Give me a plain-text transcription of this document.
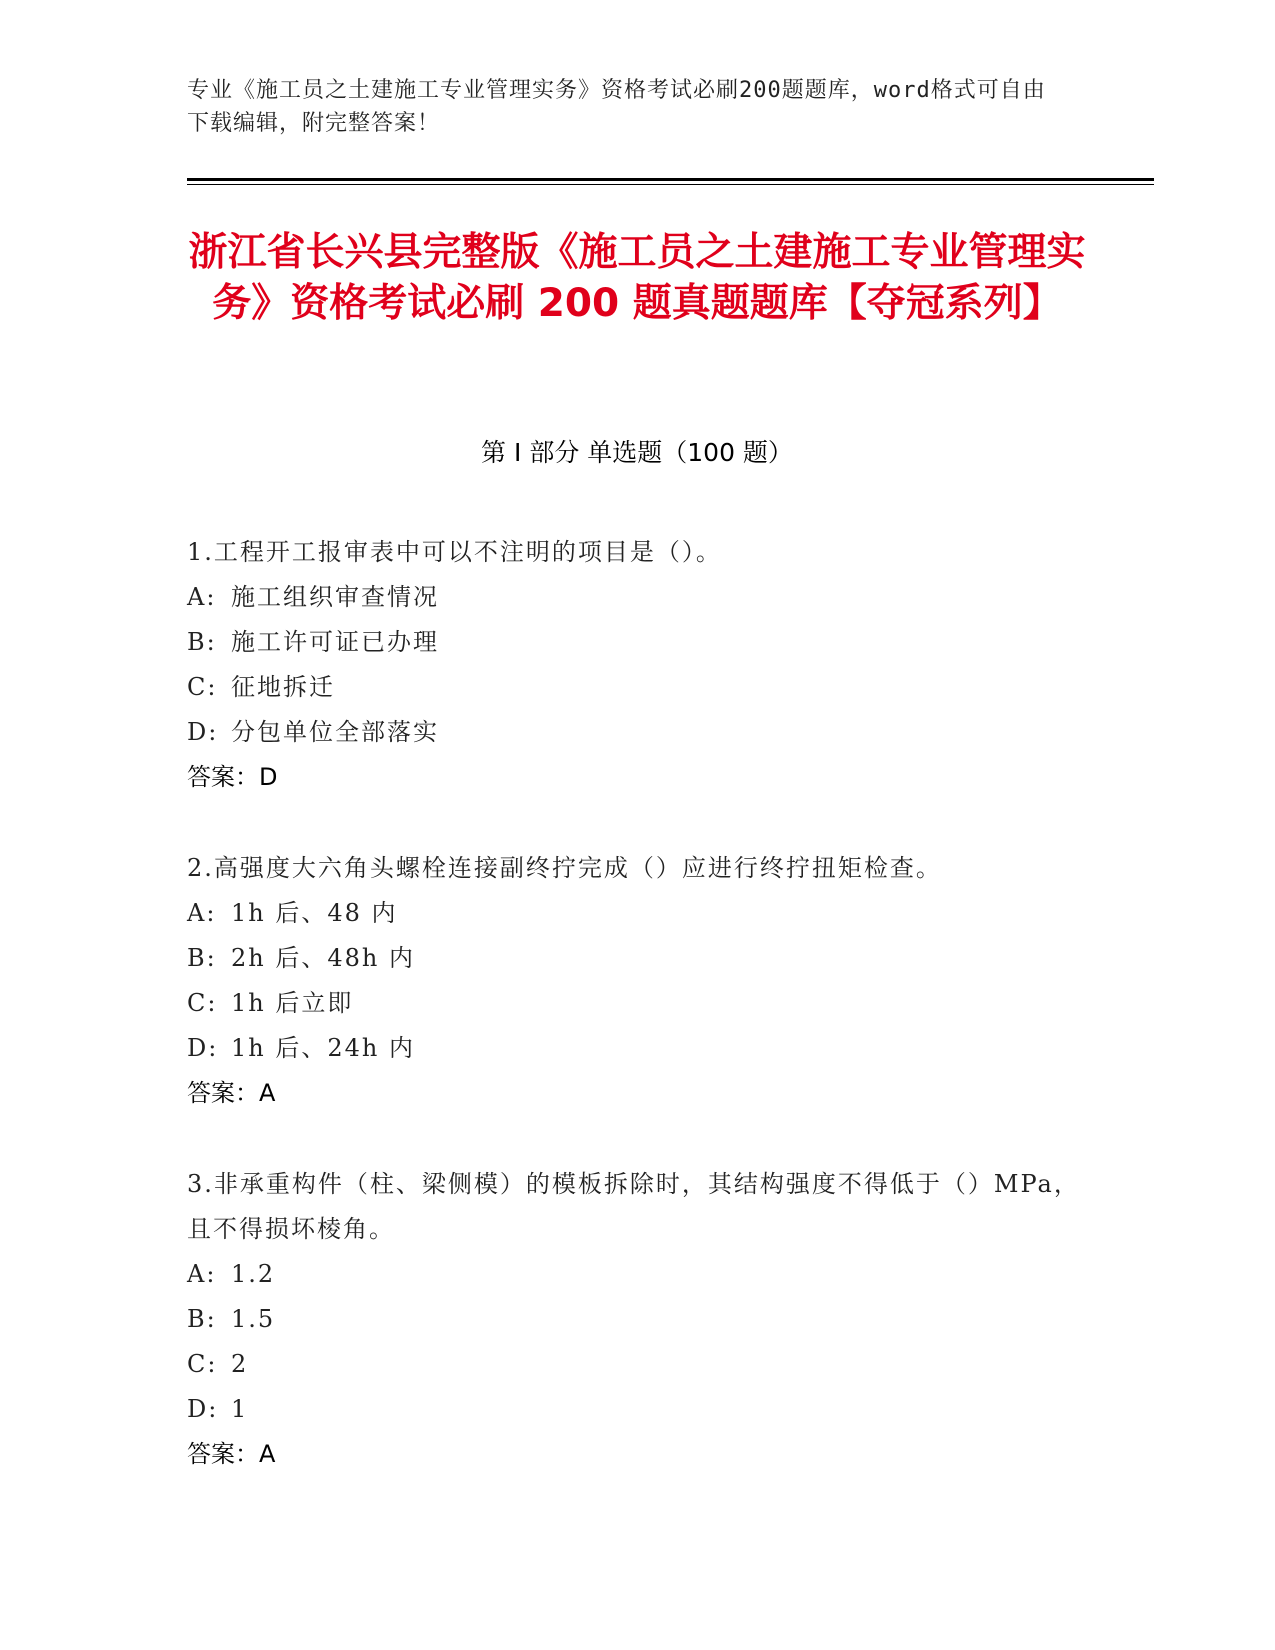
专业《施工员之土建施工专业管理实务》资格考试必刷200题题库，word格式可自由下载编辑，附完整答案！
浙江省长兴县完整版《施工员之土建施工专业管理实务》资格考试必刷 200 题真题题库【夺冠系列】
第 I 部分 单选题（100 题）
1.工程开工报审表中可以不注明的项目是（）。
A: 施工组织审查情况
B: 施工许可证已办理
C: 征地拆迁
D: 分包单位全部落实
答案：D
2.高强度大六角头螺栓连接副终拧完成（）应进行终拧扭矩检查。
A: 1h 后、48 内
B: 2h 后、48h 内
C: 1h 后立即
D: 1h 后、24h 内
答案：A
3.非承重构件（柱、梁侧模）的模板拆除时，其结构强度不得低于（）MPa，且不得损坏棱角。
A: 1.2
B: 1.5
C: 2
D: 1
答案：A
